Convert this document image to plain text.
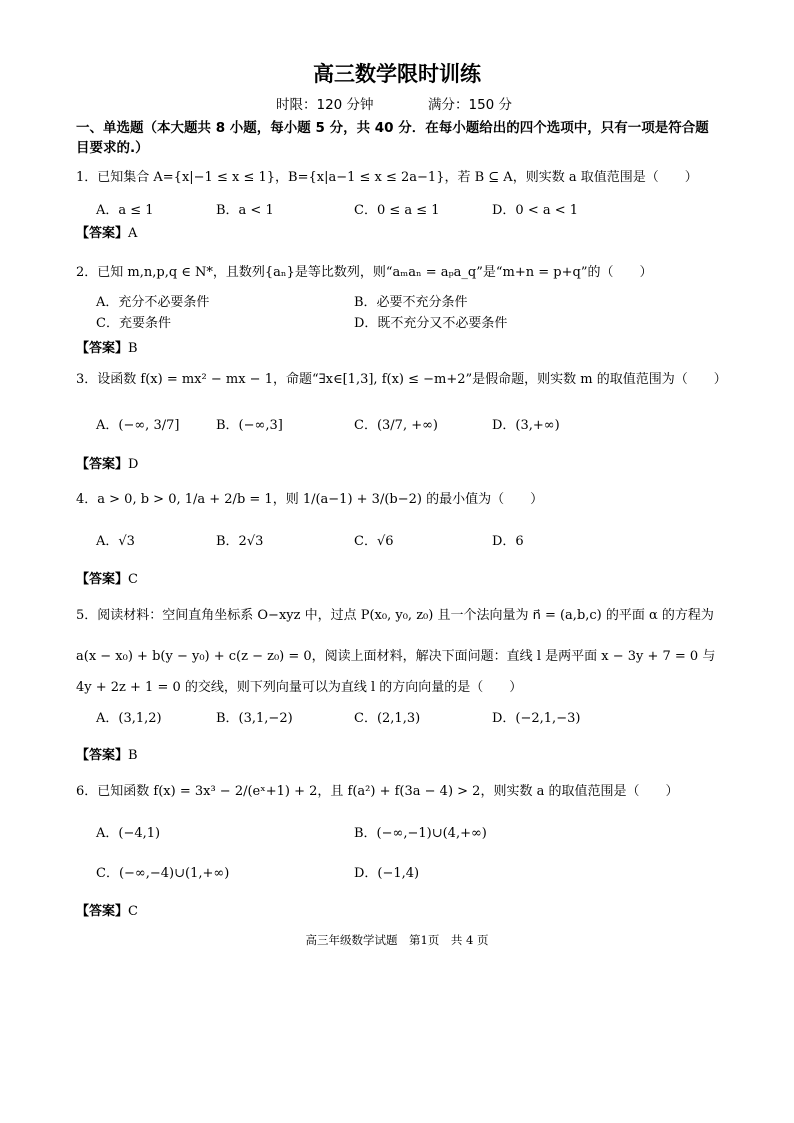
高三数学限时训练
时限：120 分钟	满分：150 分
一、单选题（本大题共 8 小题，每小题 5 分，共 40 分．在每小题给出的四个选项中，只有一项是符合题
目要求的.）
1．已知集合 A={x|−1 ≤ x ≤ 1}，B={x|a−1 ≤ x ≤ 2a−1}，若 B ⊆ A，则实数 a 取值范围是（　　）
A．a ≤ 1	B．a < 1	C．0 ≤ a ≤ 1	D．0 < a < 1
【答案】A
2．已知 m,n,p,q ∈ N*，且数列{aₙ}是等比数列，则“aₘaₙ = aₚa_q”是“m+n = p+q”的（　　）
A．充分不必要条件	B．必要不充分条件
C．充要条件	D．既不充分又不必要条件
【答案】B
3．设函数 f(x) = mx² − mx − 1，命题“∃x∈[1,3], f(x) ≤ −m+2”是假命题，则实数 m 的取值范围为（　　）
A．(−∞, 3/7]	B．(−∞,3]	C．(3/7, +∞)	D．(3,+∞)
【答案】D
4．a > 0, b > 0, 1/a + 2/b = 1，则 1/(a−1) + 3/(b−2) 的最小值为（　　）
A．√3	B．2√3	C．√6	D．6
【答案】C
5．阅读材料：空间直角坐标系 O−xyz 中，过点 P(x₀, y₀, z₀) 且一个法向量为 n⃗ = (a,b,c) 的平面 α 的方程为
a(x − x₀) + b(y − y₀) + c(z − z₀) = 0，阅读上面材料，解决下面问题：直线 l 是两平面 x − 3y + 7 = 0 与
4y + 2z + 1 = 0 的交线，则下列向量可以为直线 l 的方向向量的是（　　）
A．(3,1,2)	B．(3,1,−2)	C．(2,1,3)	D．(−2,1,−3)
【答案】B
6．已知函数 f(x) = 3x³ − 2/(eˣ+1) + 2，且 f(a²) + f(3a − 4) > 2，则实数 a 的取值范围是（　　）
A．(−4,1)	B．(−∞,−1)∪(4,+∞)
C．(−∞,−4)∪(1,+∞)	D．(−1,4)
【答案】C
高三年级数学试题　第1页　共 4 页
